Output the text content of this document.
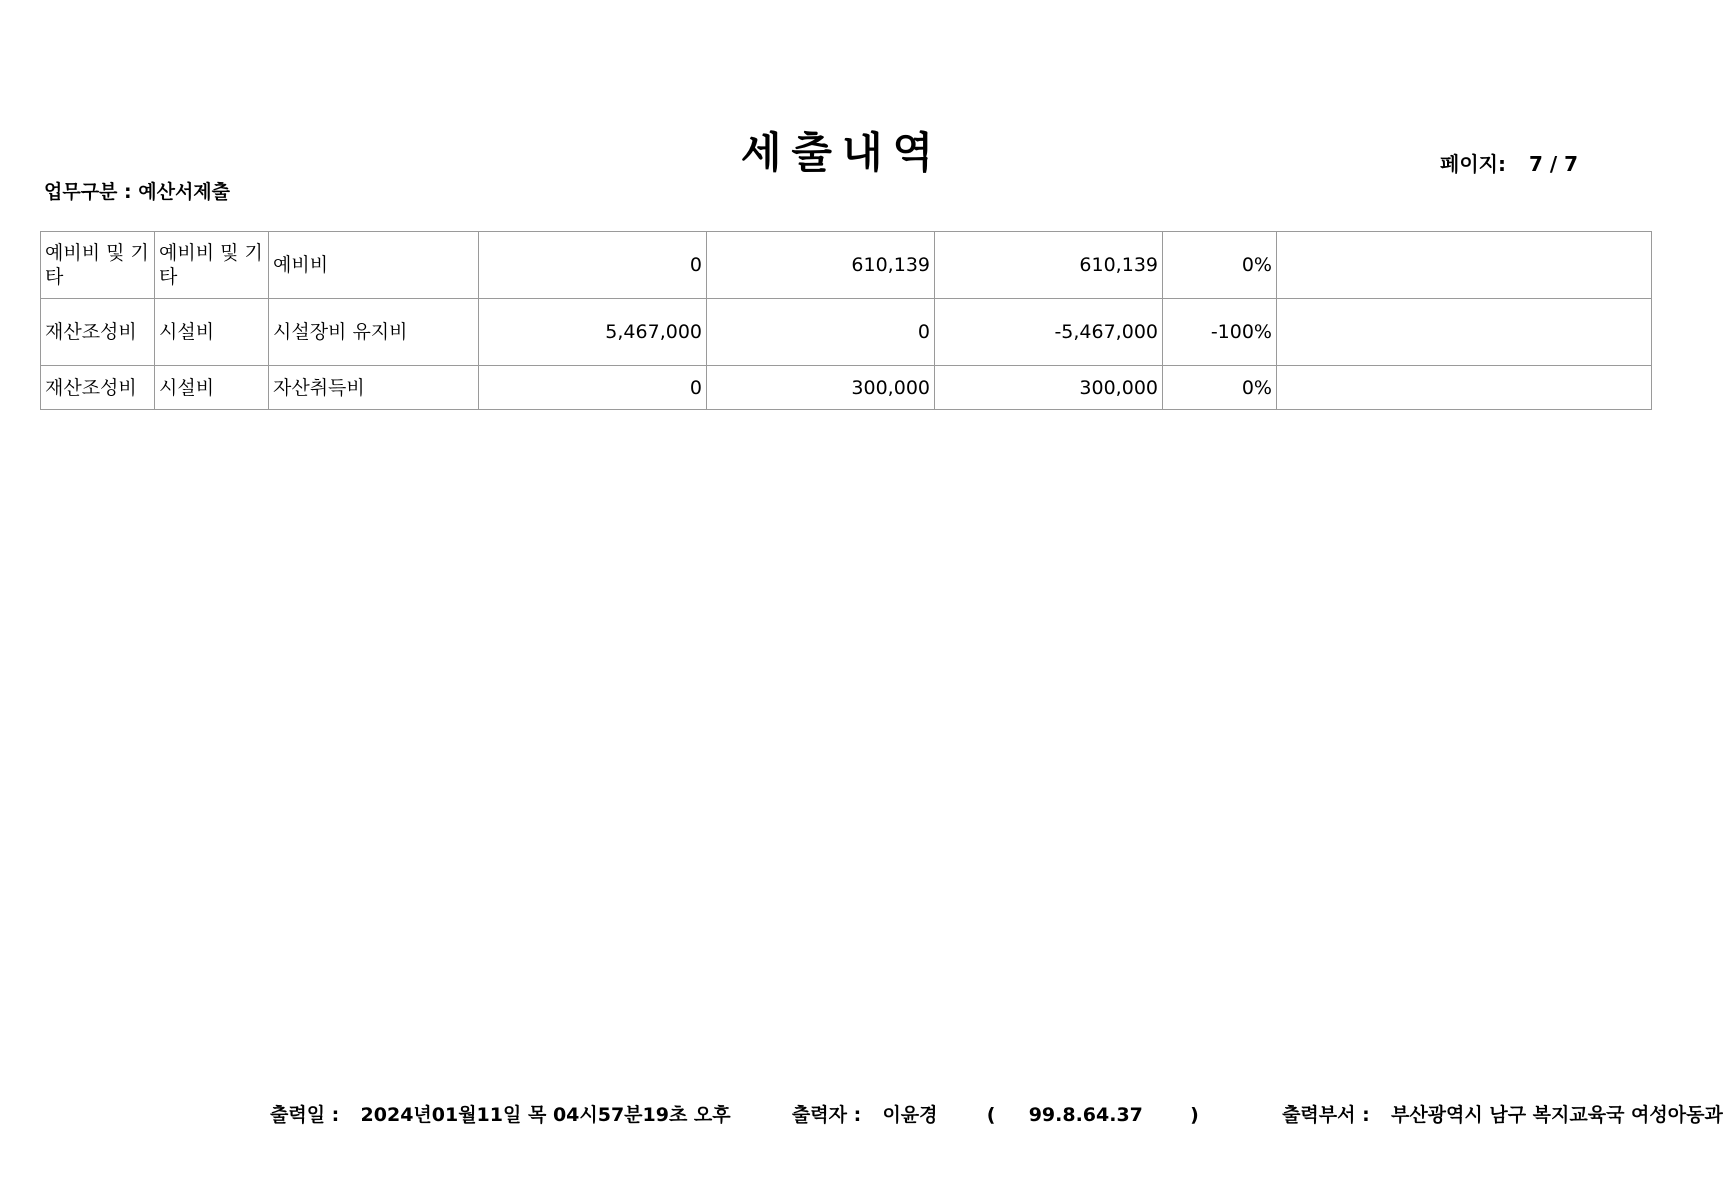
세출내역	페이지: 7 / 7
업무구분 : 예산서제출
예비비 및 기타	예비비 및 기타	예비비	0	610,139	610,139	0%	
재산조성비	시설비	시설장비 유지비	5,467,000	0	-5,467,000	-100%	
재산조성비	시설비	자산취득비	0	300,000	300,000	0%	
출력일 : 2024년01월11일 목 04시57분19초 오후	출력자 : 이윤경	( 99.8.64.37 )	출력부서 : 부산광역시 남구 복지교육국 여성아동과
